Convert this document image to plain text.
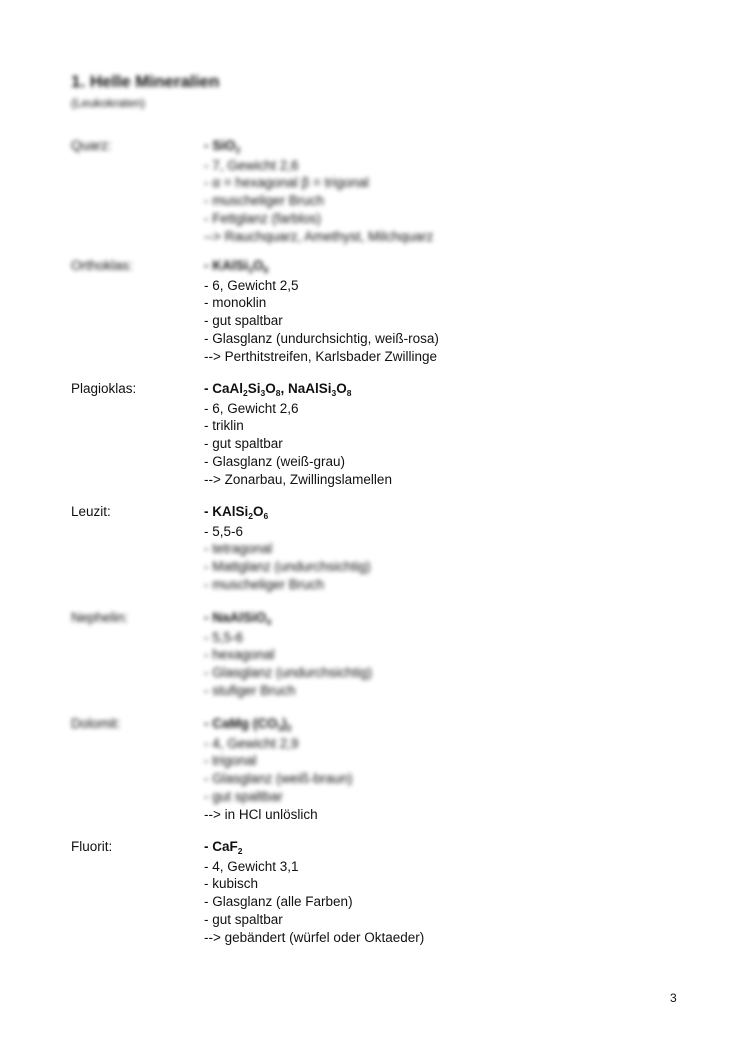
1. Helle Mineralien
(Leukokraten)
Quarz:	- SiO$_2$
- 7, Gewicht 2,6
- α = hexagonal β = trigonal
- muscheliger Bruch
- Fettglanz (farblos)
--> Rauchquarz, Amethyst, Milchquarz
Orthoklas:	- $KAlSi_3O_8$
- 6, Gewicht 2,5
- monoklin
- gut spaltbar
- Glasglanz (undurchsichtig, weiß-rosa)
--> Perthitstreifen, Karlsbader Zwillinge
Plagioklas:	- $CaAl_2Si_3O_8$, $NaAlSi_3O_8$
- 6, Gewicht 2,6
- triklin
- gut spaltbar
- Glasglanz (weiß-grau)
--> Zonarbau, Zwillingslamellen
Leuzit:	- $KAlSi_2O_6$
- 5,5-6
- tetragonal
- Mattglanz (undurchsichtig)
- muscheliger Bruch
Nephelin:	- NaAlSiO$_4$
- 5,5-6
- hexagonal
- Glasglanz (undurchsichtig)
- stufiger Bruch
Dolomit:	- CaMg $(CO_3)_2$
- 4, Gewicht 2,9
- trigonal
- Glasglanz (weiß-braun)
- gut spaltbar
--> in HCl unlöslich
Fluorit:	- CaF$_2$
- 4, Gewicht 3,1
- kubisch
- Glasglanz (alle Farben)
- gut spaltbar
--> gebändert (würfel oder Oktaeder)
3
